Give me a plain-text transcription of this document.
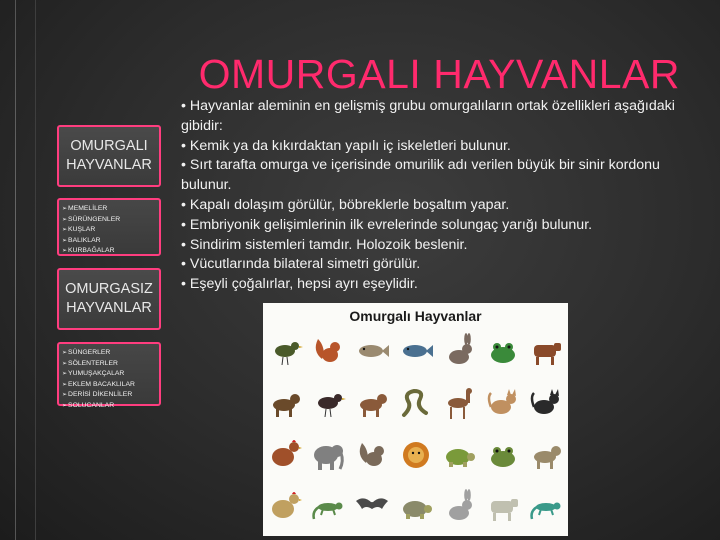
OMURGALI HAYVANLAR
OMURGALI HAYVANLAR
➢ MEMELİLER
➢ SÜRÜNGENLER
➢ KUŞLAR
➢ BALIKLAR
➢ KURBAĞALAR
OMURGASIZ HAYVANLAR
➢ SÜNGERLER
➢ SÖLENTERLER
➢ YUMUŞAKÇALAR
➢ EKLEM BACAKLILAR
➢ DERİSİ DİKENLİLER
➢ SOLUCANLAR

• Hayvanlar aleminin en gelişmiş grubu omurgalıların ortak özellikleri aşağıdaki gibidir:

• Kemik ya da kıkırdaktan yapılı iç iskeletleri bulunur.

• Sırt tarafta omurga ve içerisinde omurilik adı verilen büyük bir sinir kordonu bulunur.

• Kapalı dolaşım görülür, böbreklerle boşaltım yapar.

• Embriyonik gelişimlerinin ilk evrelerinde solungaç yarığı bulunur.

• Sindirim sistemleri tamdır. Holozoik beslenir.

• Vücutlarında bilateral simetri görülür.

• Eşeyli çoğalırlar, hepsi ayrı eşeylidir.

Omurgalı Hayvanlar
